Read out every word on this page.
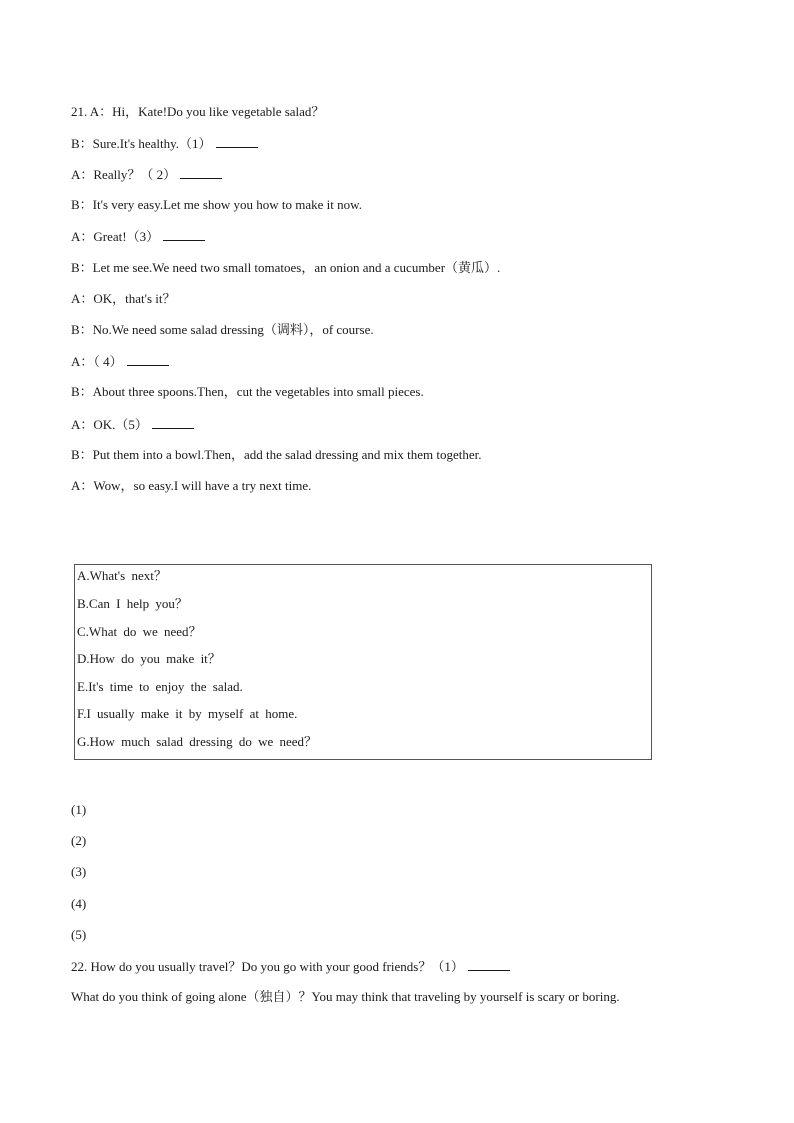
21. A：Hi，Kate!Do you like vegetable salad？
B：Sure.It's healthy.（1）
A：Really？（ 2）
B：It's very easy.Let me show you how to make it now.
A：Great!（3）
B：Let me see.We need two small tomatoes，an onion and a cucumber（黄瓜）.
A：OK，that's it？
B：No.We need some salad dressing（调料），of course.
A：（ 4）
B：About three spoons.Then，cut the vegetables into small pieces.
A：OK.（5）
B：Put them into a bowl.Then，add the salad dressing and mix them together.
A：Wow，so easy.I will have a try next time.
A.What's next？
B.Can I help you？
C.What do we need？
D.How do you make it？
E.It's time to enjoy the salad.
F.I usually make it by myself at home.
G.How much salad dressing do we need？
(1)
(2)
(3)
(4)
(5)
22. How do you usually travel？Do you go with your good friends？（1）
What do you think of going alone（独自）？You may think that traveling by yourself is scary or boring.
